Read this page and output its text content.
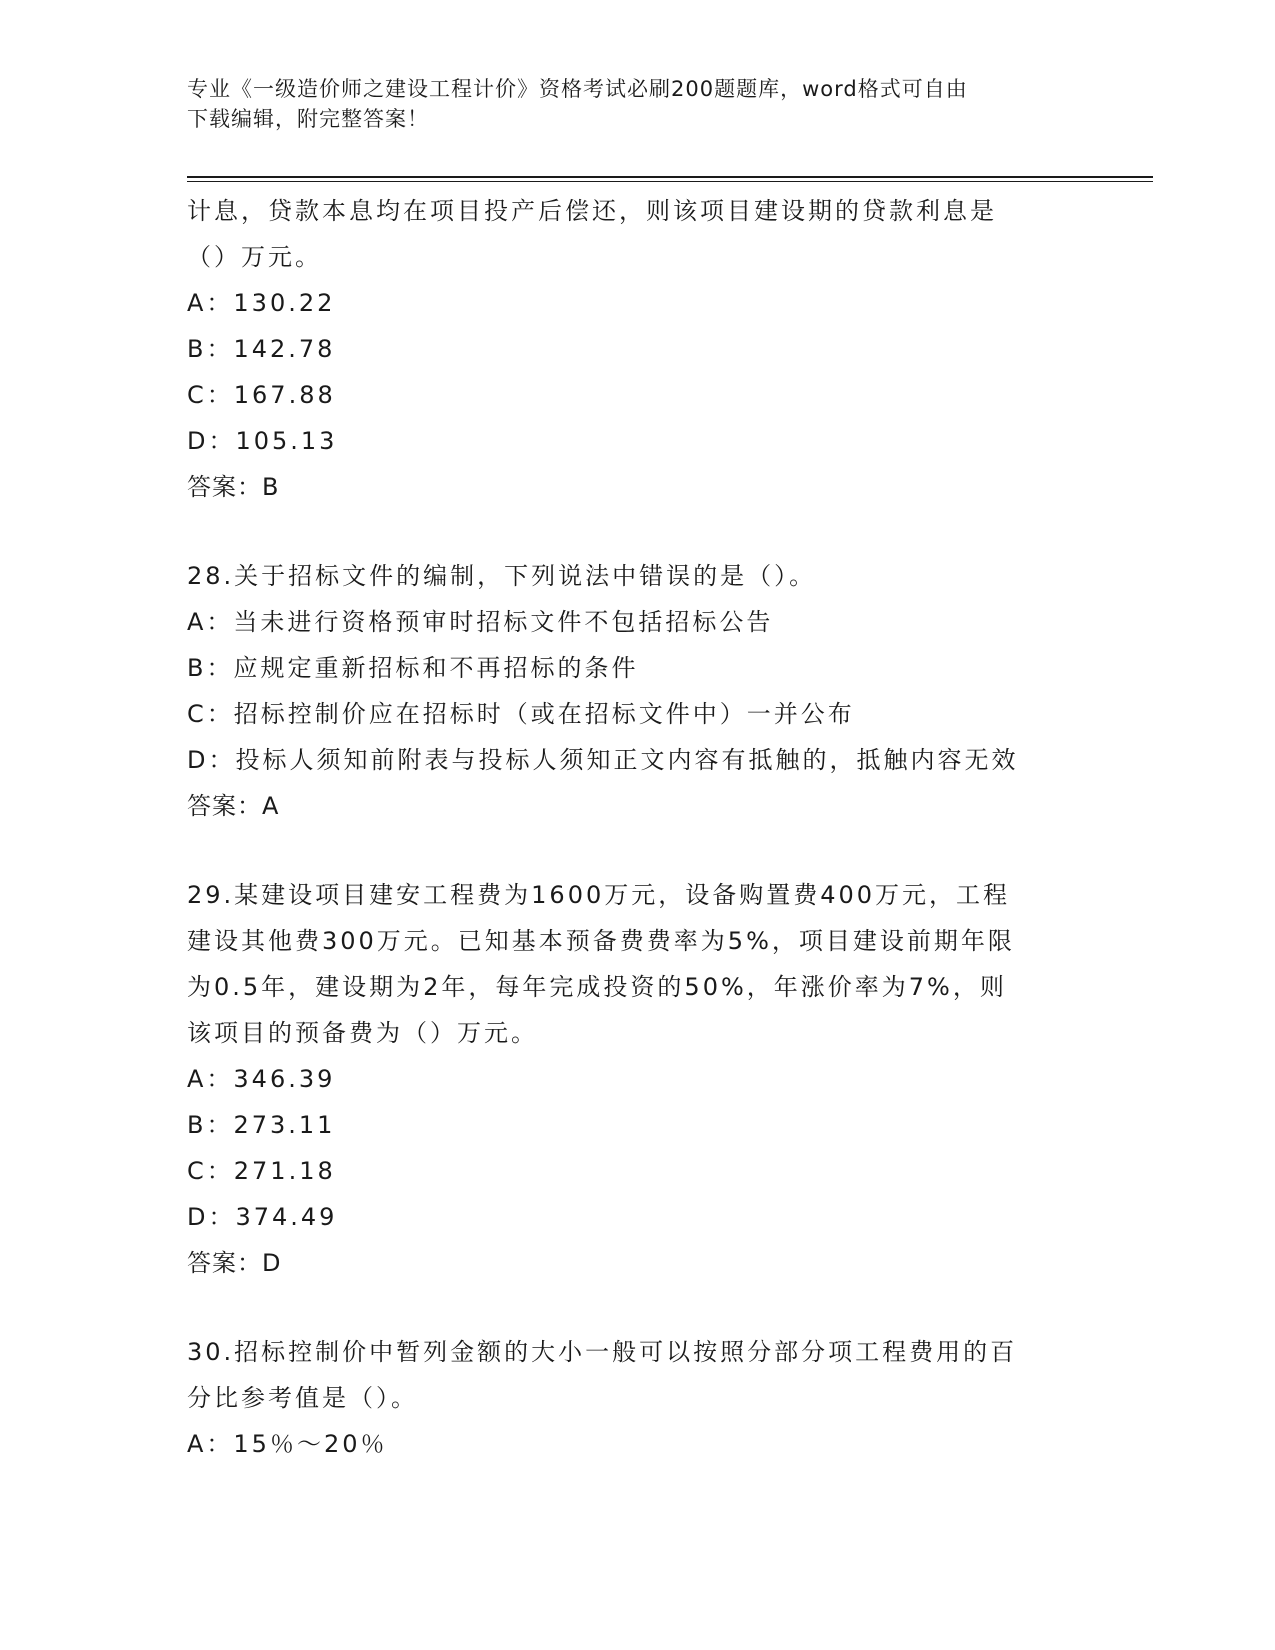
专业《一级造价师之建设工程计价》资格考试必刷200题题库，word格式可自由
下载编辑，附完整答案！
计息，贷款本息均在项目投产后偿还，则该项目建设期的贷款利息是
（）万元。
A：130.22
B：142.78
C：167.88
D：105.13
答案：B
28.关于招标文件的编制，下列说法中错误的是（）。
A：当未进行资格预审时招标文件不包括招标公告
B：应规定重新招标和不再招标的条件
C：招标控制价应在招标时（或在招标文件中）一并公布
D：投标人须知前附表与投标人须知正文内容有抵触的，抵触内容无效
答案：A
29.某建设项目建安工程费为1600万元，设备购置费400万元，工程
建设其他费300万元。已知基本预备费费率为5%，项目建设前期年限
为0.5年，建设期为2年，每年完成投资的50%，年涨价率为7%，则
该项目的预备费为（）万元。
A：346.39
B：273.11
C：271.18
D：374.49
答案：D
30.招标控制价中暂列金额的大小一般可以按照分部分项工程费用的百
分比参考值是（）。
A：15％～20％
